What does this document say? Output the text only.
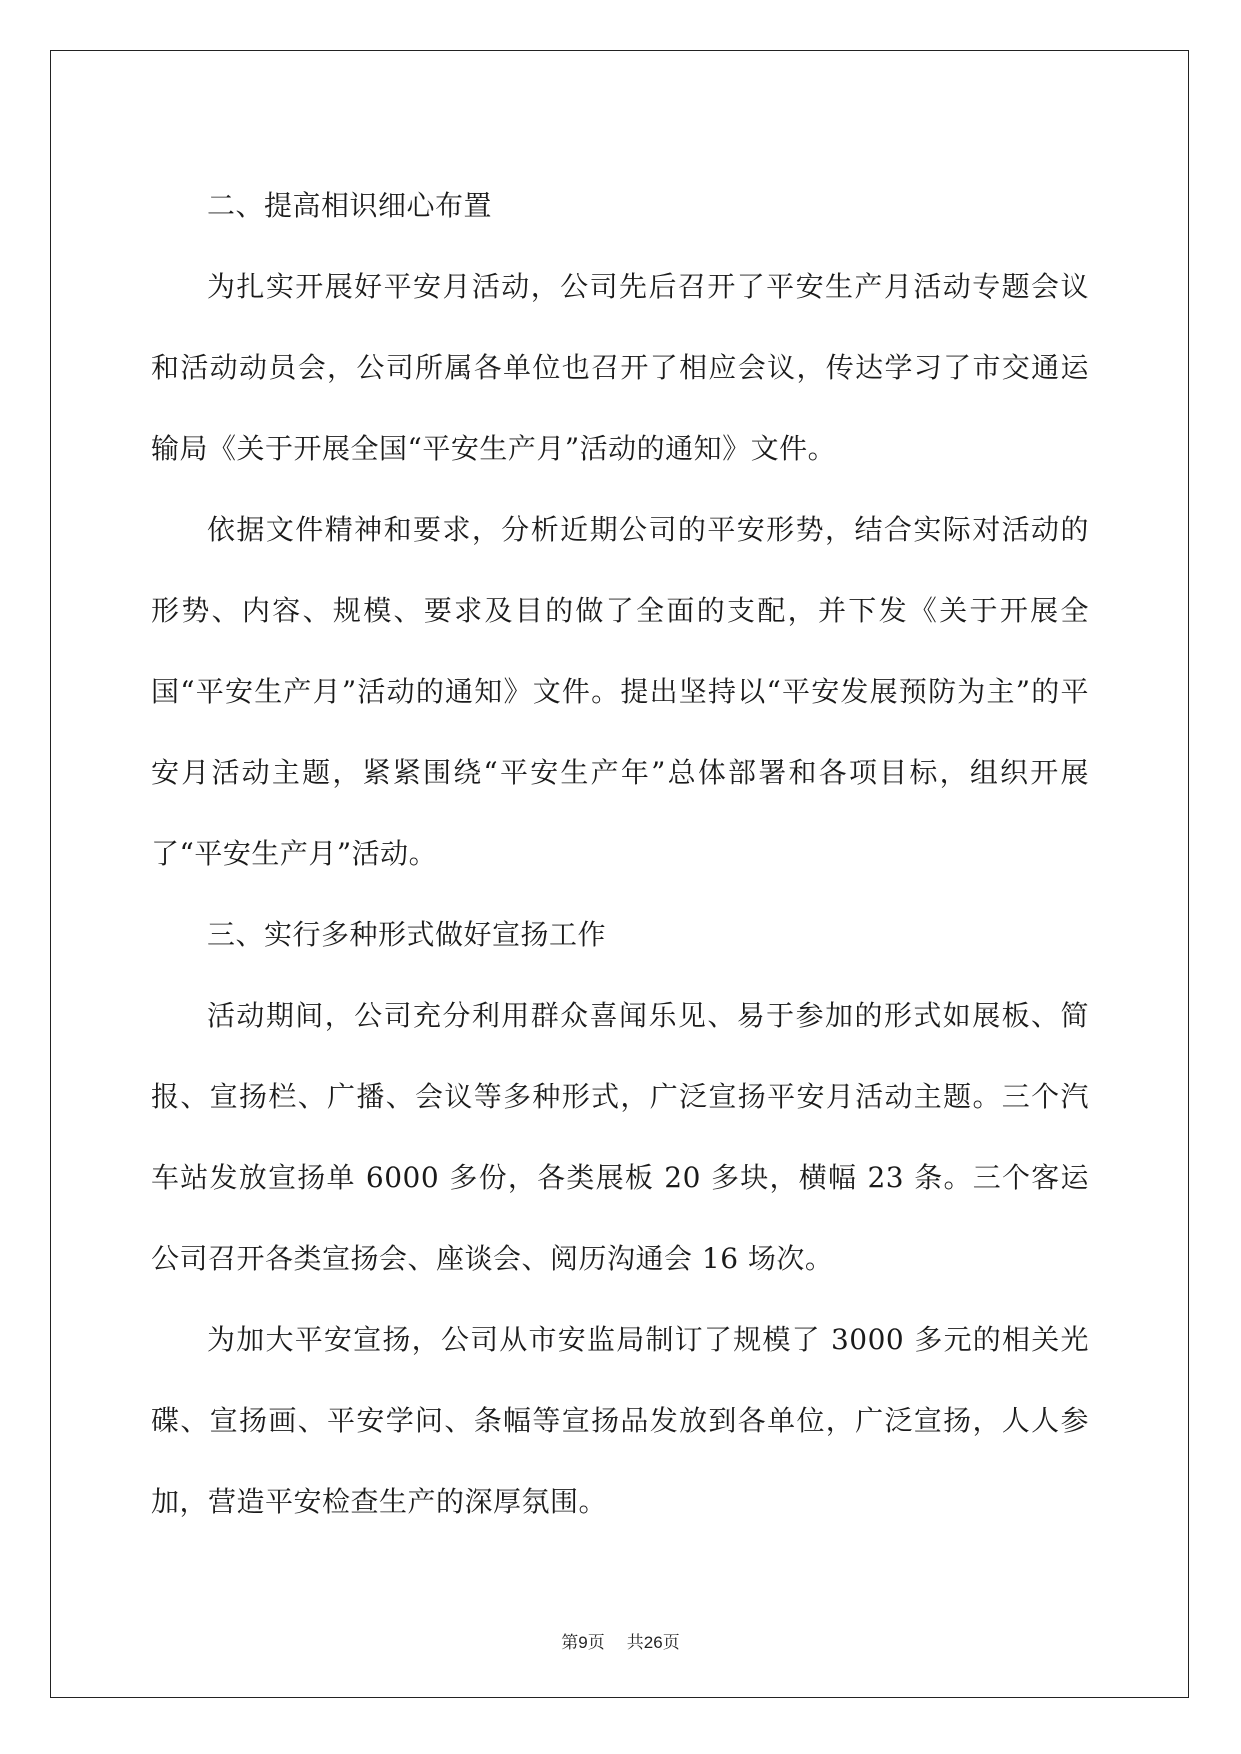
二、提高相识细心布置

为扎实开展好平安月活动，公司先后召开了平安生产月活动专题会议和活动动员会，公司所属各单位也召开了相应会议，传达学习了市交通运输局《关于开展全国“平安生产月”活动的通知》文件。

依据文件精神和要求，分析近期公司的平安形势，结合实际对活动的形势、内容、规模、要求及目的做了全面的支配，并下发《关于开展全国“平安生产月”活动的通知》文件。提出坚持以“平安发展预防为主”的平安月活动主题，紧紧围绕“平安生产年”总体部署和各项目标，组织开展了“平安生产月”活动。

三、实行多种形式做好宣扬工作

活动期间，公司充分利用群众喜闻乐见、易于参加的形式如展板、简报、宣扬栏、广播、会议等多种形式，广泛宣扬平安月活动主题。三个汽车站发放宣扬单 6000 多份，各类展板 20 多块，横幅 23 条。三个客运公司召开各类宣扬会、座谈会、阅历沟通会 16 场次。

为加大平安宣扬，公司从市安监局制订了规模了 3000 多元的相关光碟、宣扬画、平安学问、条幅等宣扬品发放到各单位，广泛宣扬，人人参加，营造平安检查生产的深厚氛围。

第9页 共26页
